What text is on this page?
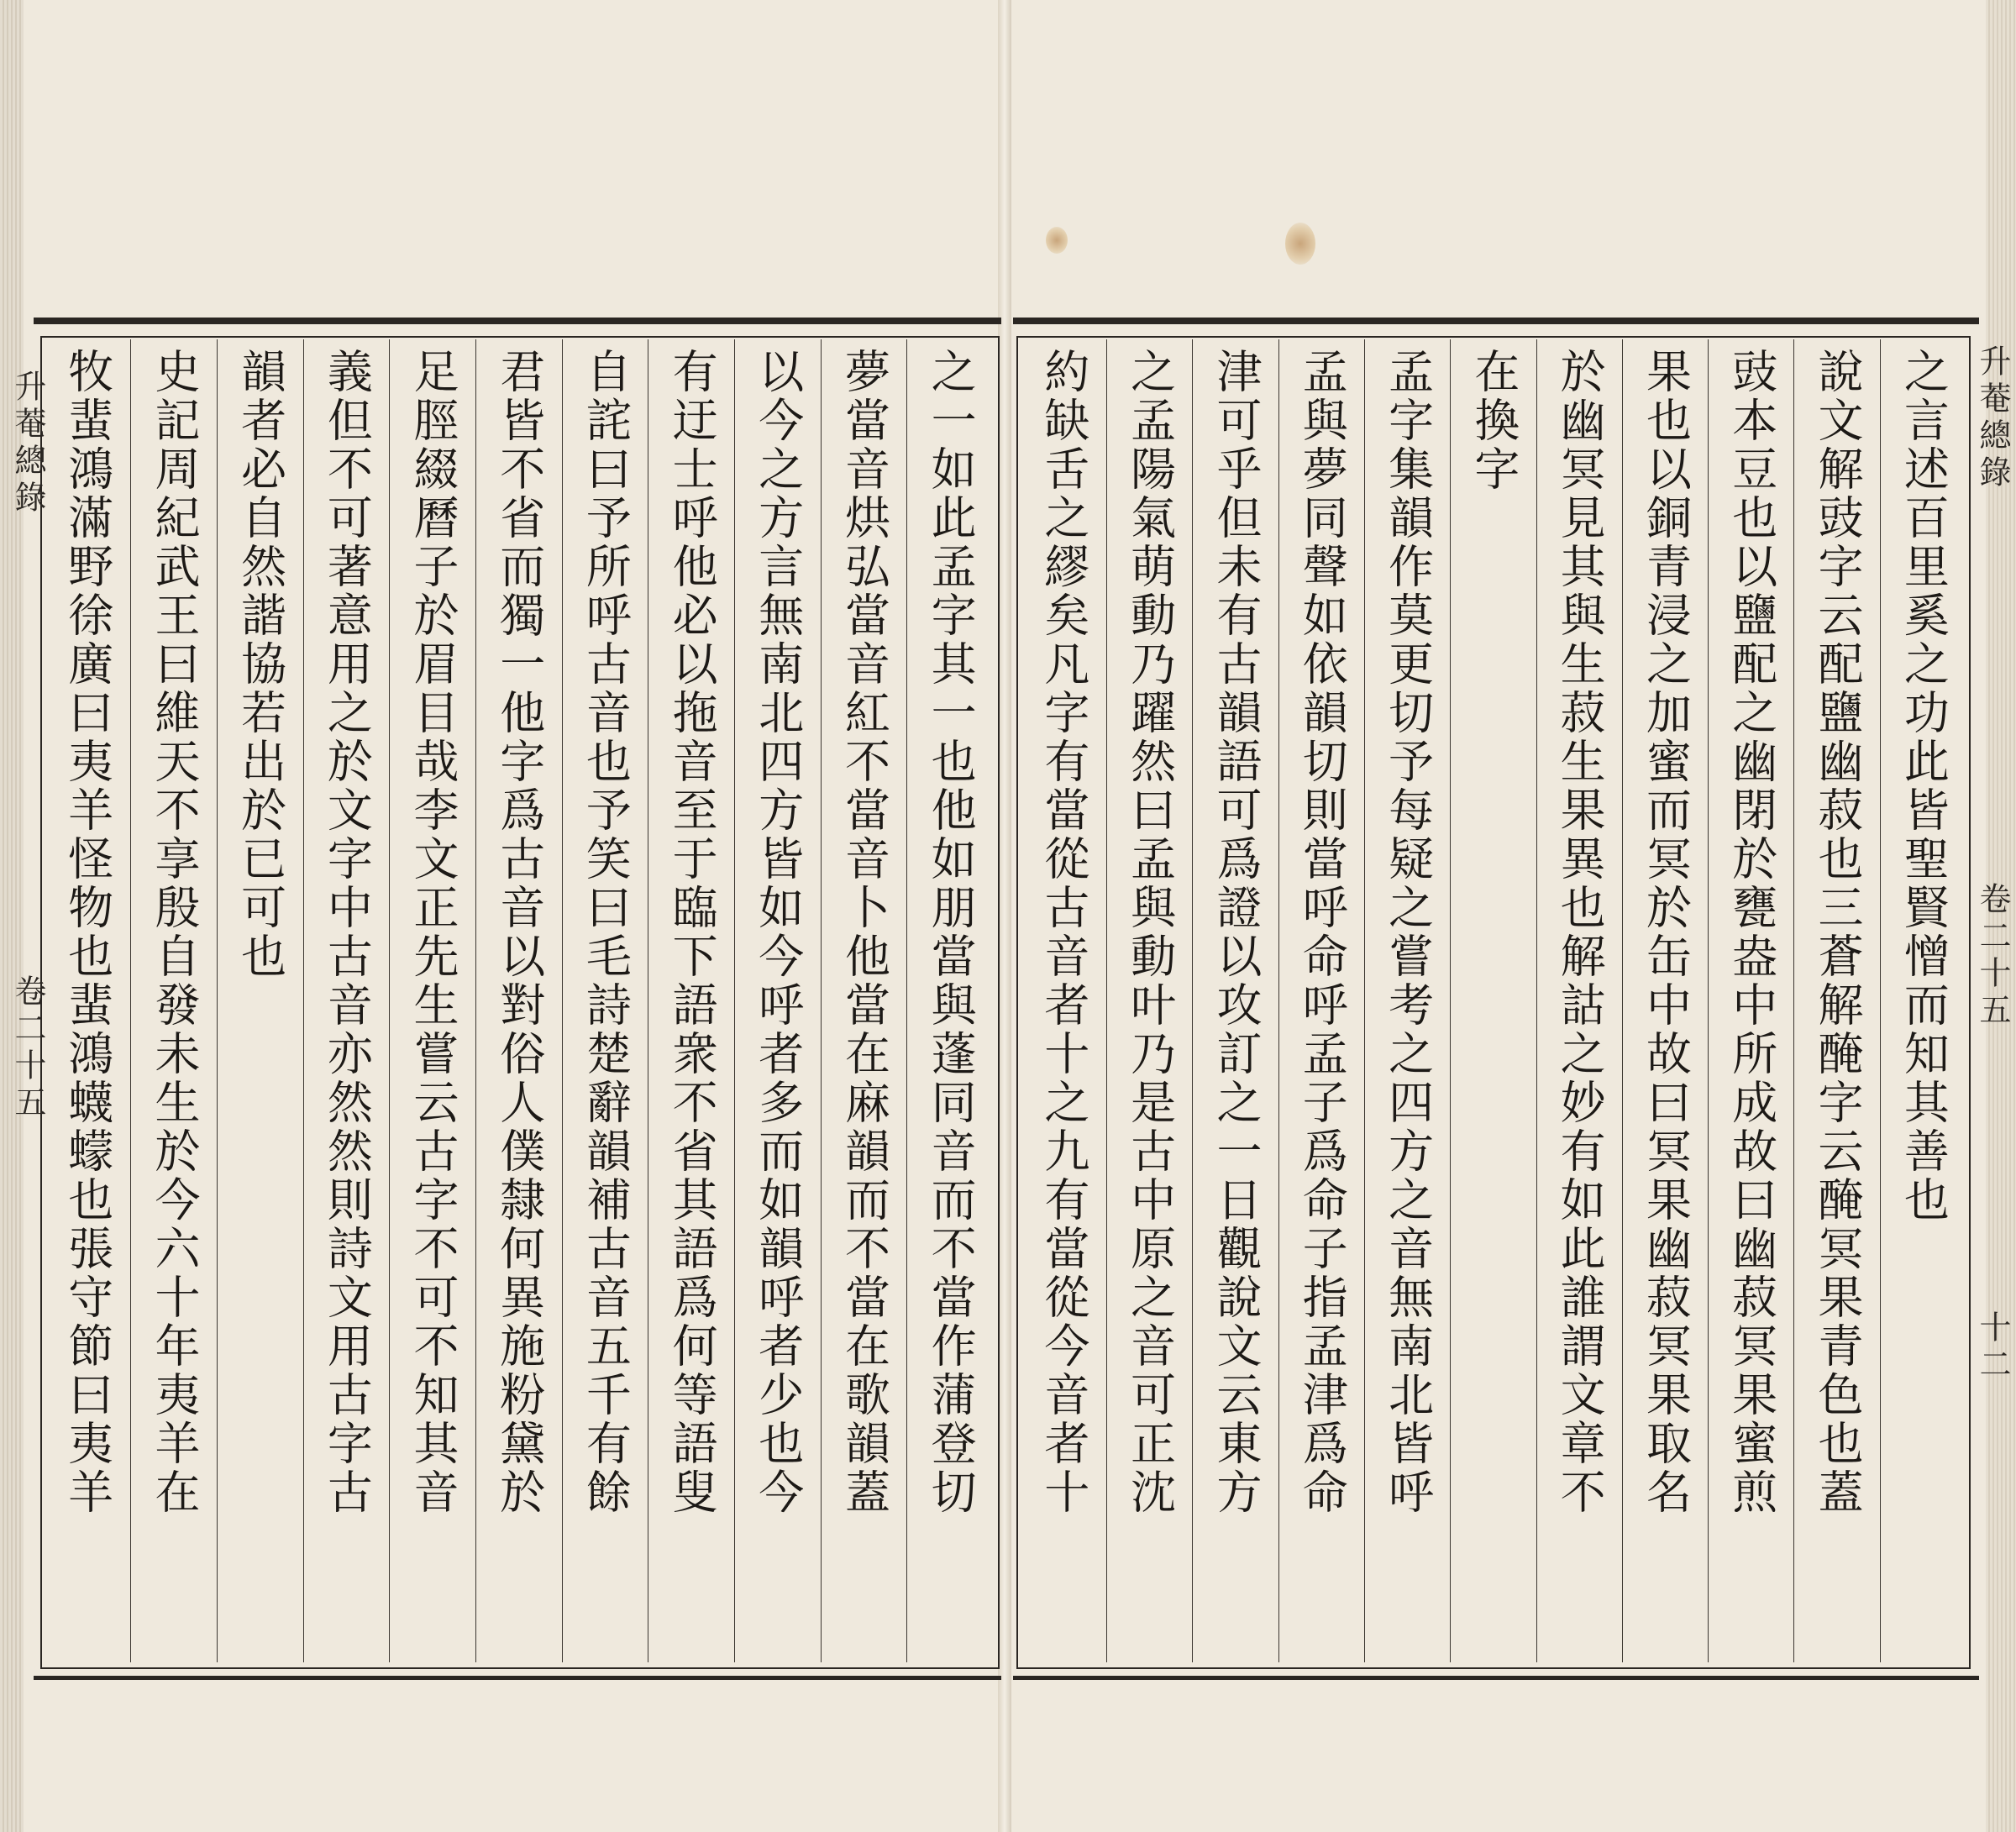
升菴總錄
卷二十五
升菴總錄
卷二十五
十二
之言述百里奚之功此皆聖賢憎而知其善也
說文解豉字云配鹽幽菽也三蒼解醃字云醃冥果青色也蓋
豉本豆也以鹽配之幽閉於甕盎中所成故曰幽菽冥果蜜煎
果也以銅青浸之加蜜而冥於缶中故曰冥果幽菽冥果取名
於幽冥見其與生菽生果異也解詁之妙有如此誰謂文章不
在換字
孟字集韻作莫更切予每疑之嘗考之四方之音無南北皆呼
孟與夢同聲如依韻切則當呼命呼孟子爲命子指孟津爲命
津可乎但未有古韻語可爲證以攻訂之一日觀說文云東方
之孟陽氣萌動乃躍然曰孟與動叶乃是古中原之音可正沈
約缺舌之繆矣凡字有當從古音者十之九有當從今音者十
之一如此孟字其一也他如朋當與蓬同音而不當作蒲登切
夢當音烘弘當音紅不當音卜他當在麻韻而不當在歌韻蓋
以今之方言無南北四方皆如今呼者多而如韻呼者少也今
有迂士呼他必以拖音至于臨下語衆不省其語爲何等語叟
自詫曰予所呼古音也予笑曰毛詩楚辭韻補古音五千有餘
君皆不省而獨一他字爲古音以對俗人僕隸何異施粉黛於
足脛綴曆子於眉目哉李文正先生嘗云古字不可不知其音
義但不可著意用之於文字中古音亦然然則詩文用古字古
韻者必自然諧協若出於已可也
史記周紀武王曰維天不享殷自發未生於今六十年夷羊在
牧蜚鴻滿野徐廣曰夷羊怪物也蜚鴻蠛蠓也張守節曰夷羊
